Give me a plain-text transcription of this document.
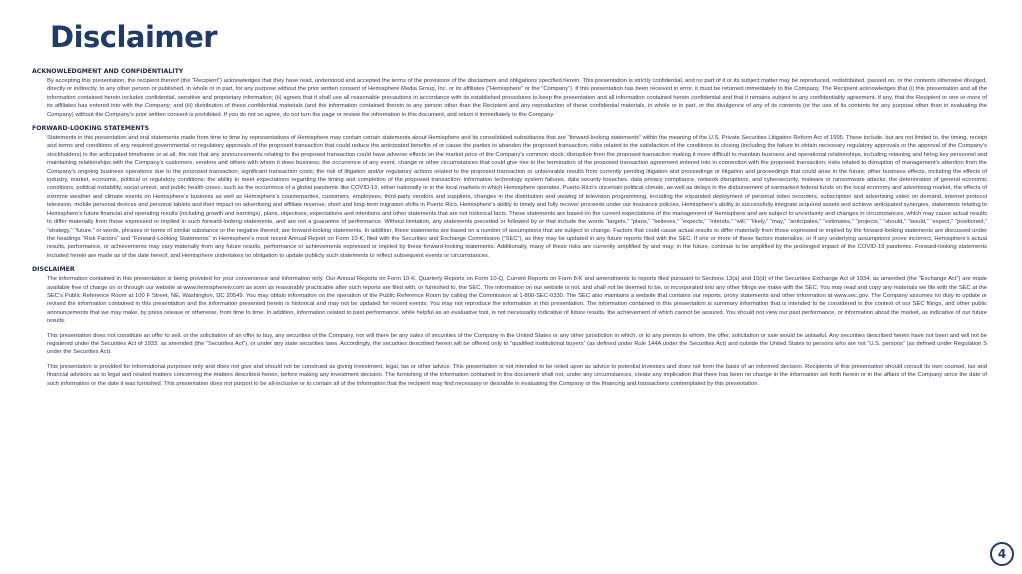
Disclaimer
ACKNOWLEDGMENT AND CONFIDENTIALITY

By accepting this presentation, the recipient thereof (the “Recipient”) acknowledges that they have read, understood and accepted the terms of the provisions of the disclaimers and obligations specified herein. This presentation is strictly confidential, and no part of it or its subject matter may be reproduced, redistributed, passed on, or the contents otherwise divulged, directly or indirectly, to any other person or published, in whole or in part, for any purpose without the prior written consent of Hemisphere Media Group, Inc. or its affiliates (“Hemisphere” or the “Company”). If this presentation has been received in error, it must be returned immediately to the Company. The Recipient acknowledges that (i) this presentation and all the information contained herein includes confidential, sensitive and proprietary information; (ii) agrees that it shall use all reasonable precautions in accordance with its established procedures to keep the presentation and all information contained herein confidential and that it remains subject to any confidentiality agreement, if any, that the Recipient or one or more of its affiliates has entered into with the Company; and (iii) distribution of these confidential materials (and the information contained therein to any person other than the Recipient and any reproduction of these confidential materials, in whole or in part, or the divulgence of any of its contents (or the use of its contents for any purpose other than in evaluating the Company) without the Company’s prior written consent is prohibited. If you do not so agree, do not turn the page or review the information in this document, and return it immediately to the Company.

FORWARD-LOOKING STATEMENTS

Statements in this presentation and oral statements made from time to time by representatives of Hemisphere may contain certain statements about Hemisphere and its consolidated subsidiaries that are “forward-looking statements” within the meaning of the U.S. Private Securities Litigation Reform Act of 1995. These include, but are not limited to, the timing, receipt and terms and conditions of any required governmental or regulatory approvals of the proposed transaction that could reduce the anticipated benefits of or cause the parties to abandon the proposed transaction; risks related to the satisfaction of the conditions to closing (including the failure to obtain necessary regulatory approvals or the approval of the Company’s stockholders) in the anticipated timeframe or at all; the risk that any announcements relating to the proposed transaction could have adverse effects on the market price of the Company’s common stock; disruption from the proposed transaction making it more difficult to maintain business and operational relationships, including retaining and hiring key personnel and maintaining relationships with the Company’s customers, vendors and others with whom it does business; the occurrence of any event, change or other circumstances that could give rise to the termination of the proposed transaction agreement entered into in connection with the proposed transaction; risks related to disruption of management’s attention from the Company’s ongoing business operations due to the proposed transaction; significant transaction costs; the risk of litigation and/or regulatory actions related to the proposed transaction or unfavorable results from currently pending litigation and proceedings or litigation and proceedings that could arise in the future; other business effects, including the effects of industry, market, economic, political or regulatory conditions; the ability to meet expectations regarding the timing and completion of the proposed transaction; information technology system failures, data security breaches, data privacy compliance, network disruptions, and cybersecurity, malware or ransomware attacks; the deterioration of general economic conditions, political instability, social unrest, and public health crises, such as the occurrence of a global pandemic like COVID-19, either nationally or in the local markets in which Hemisphere operates, Puerto Rico’s uncertain political climate, as well as delays in the disbursement of earmarked federal funds on the local economy and advertising market, the effects of extreme weather and climate events on Hemisphere’s business as well as Hemisphere’s counterparties, customers, employees, third-party vendors and suppliers, changes in the distribution and viewing of television programming, including the expanded deployment of personal video recorders, subscription and advertising video on demand, internet protocol television, mobile personal devices and personal tablets and their impact on advertising and affiliate revenue, short and long-term migration shifts in Puerto Rico, Hemisphere’s ability to timely and fully recover proceeds under our insurance policies, Hemisphere’s ability to successfully integrate acquired assets and achieve anticipated synergies, statements relating to Hemisphere’s future financial and operating results (including growth and earnings), plans, objectives, expectations and intentions and other statements that are not historical facts. These statements are based on the current expectations of the management of Hemisphere and are subject to uncertainty and changes in circumstances, which may cause actual results to differ materially from those expressed or implied in such forward-looking statements, and are not a guarantee of performance. Without limitation, any statements preceded or followed by or that include the words “targets,” “plans,” “believes,” “expects,” “intends,” “will,” “likely,” “may,” “anticipates,” “estimates,” “projects,” “should,” “would,” “expect,” “positioned,” “strategy,” “future,” or words, phrases or terms of similar substance or the negative thereof, are forward-looking statements. In addition, these statements are based on a number of assumptions that are subject to change. Factors that could cause actual results to differ materially from those expressed or implied by the forward-looking statements are discussed under the headings “Risk Factors” and “Forward-Looking Statements” in Hemisphere’s most recent Annual Report on Form 10-K, filed with the Securities and Exchange Commission (“SEC”), as they may be updated in any future reports filed with the SEC. If one or more of these factors materialize, or if any underlying assumptions prove incorrect, Hemisphere’s actual results, performance, or achievements may vary materially from any future results, performance or achievements expressed or implied by these forward-looking statements. Additionally, many of these risks are currently amplified by and may, in the future, continue to be amplified by the prolonged impact of the COVID-19 pandemic. Forward-looking statements included herein are made as of the date hereof, and Hemisphere undertakes no obligation to update publicly such statements to reflect subsequent events or circumstances.

DISCLAIMER

The information contained in this presentation is being provided for your convenience and information only. Our Annual Reports on Form 10-K, Quarterly Reports on Form 10-Q, Current Reports on Form 8-K and amendments to reports filed pursuant to Sections 13(a) and 15(d) of the Securities Exchange Act of 1934, as amended (the “Exchange Act”) are made available free of charge on or through our website at www.hemispheretv.com as soon as reasonably practicable after such reports are filed with, or furnished to, the SEC. The information on our website is not, and shall not be deemed to be, or incorporated into any other filings we make with the SEC. You may read and copy any materials we file with the SEC at the SEC’s Public Reference Room at 100 F Street, NE, Washington, DC 20549. You may obtain information on the operation of the Public Reference Room by calling the Commission at 1-800-SEC-0330. The SEC also maintains a website that contains our reports, proxy statements and other information at www.sec.gov. The Company assumes no duty to update or revised the information contained in this presentation and the information presented herein is historical and may not be updated for recent events. You may not reproduce the information in this presentation. The information contained in this presentation is summary information that is intended to be considered in the context of our SEC filings, and other public announcements that we may make, by press release or otherwise, from time to time. In addition, information related to past performance, while helpful as an evaluative tool, is not necessarily indicative of future results, the achievement of which cannot be assured. You should not view our past performance, or information about the market, as indicative of our future results.

This presentation does not constitute an offer to sell, or the solicitation of an offer to buy, any securities of the Company, nor will there be any sales of securities of the Company in the United States or any other jurisdiction in which, or to any person to whom, the offer, solicitation or sale would be unlawful. Any securities described herein have not been and will not be registered under the Securities Act of 1933, as amended (the “Securities Act”), or under any state securities laws. Accordingly, the securities described herein will be offered only to “qualified institutional buyers” (as defined under Rule 144A under the Securities Act) and outside the United States to persons who are not “U.S. persons” (as defined under Regulation S under the Securities Act).

This presentation is provided for informational purposes only and does not give and should not be construed as giving investment, legal, tax or other advice. This presentation is not intended to be relied upon as advice to potential investors and does not form the basis of an informed decision. Recipients of this presentation should consult its own counsel, tax and financial advisors as to legal and related matters concerning the matters described herein, before making any investment decision. The furnishing of the information contained in this document shall not, under any circumstances, create any implication that there has been no change in the information set forth herein or in the affairs of the Company since the date of such information or the date it was furnished. This presentation does not purport to be all-inclusive or to contain all of the information that the recipient may find necessary or desirable in evaluating the Company or the financing and transactions contemplated by this presentation.

4
